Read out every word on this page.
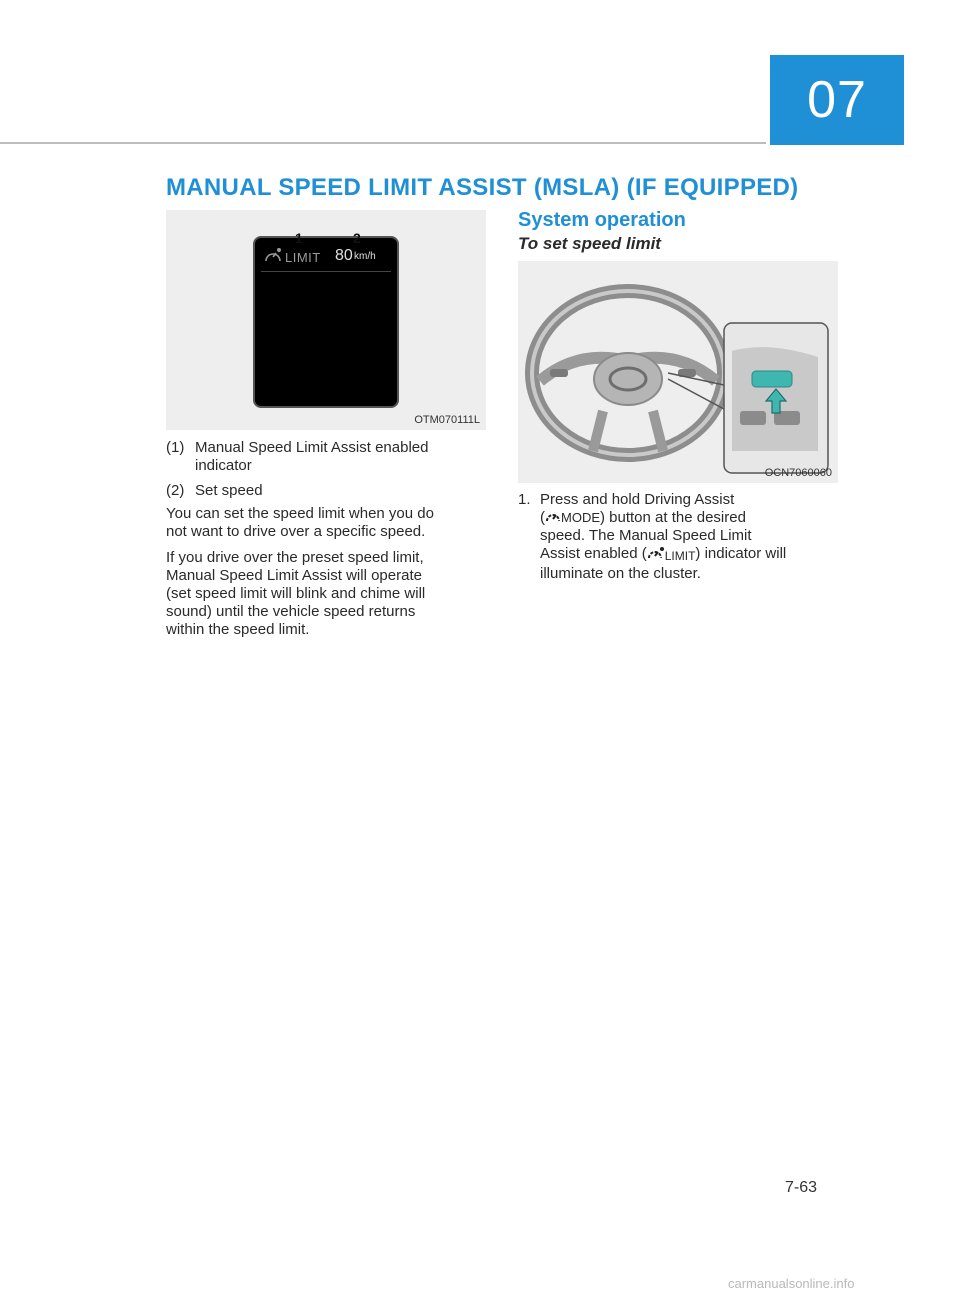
07
MANUAL SPEED LIMIT ASSIST (MSLA) (IF EQUIPPED)
LIMIT 80 km/h
1	2
OTM070111L
(1) Manual Speed Limit Assist enabled
indicator
(2) Set speed
You can set the speed limit when you do
not want to drive over a specific speed.
If you drive over the preset speed limit,
Manual Speed Limit Assist will operate
(set speed limit will blink and chime will
sound) until the vehicle speed returns
within the speed limit.
System operation
To set speed limit
OCN7060060
1. Press and hold Driving Assist
( MODE) button at the desired
speed. The Manual Speed Limit
Assist enabled ( LIMIT) indicator will
illuminate on the cluster.
7-63
carmanualsonline.info
